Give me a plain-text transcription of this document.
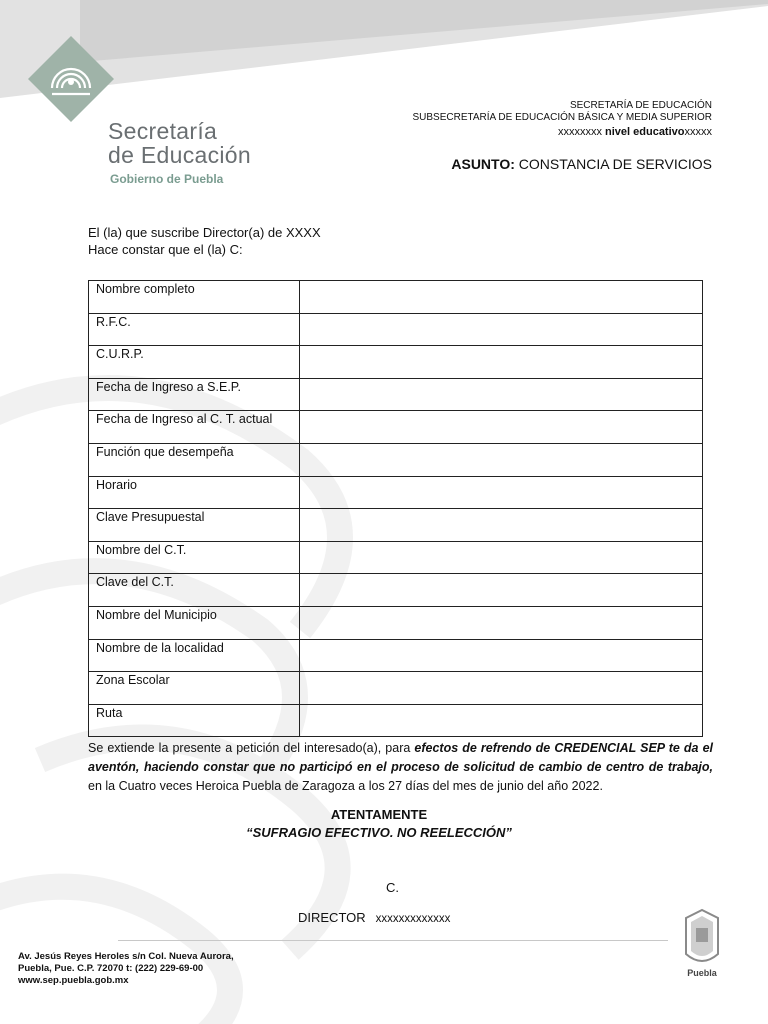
Secretaría
de Educación
Gobierno de Puebla
SECRETARÍA DE EDUCACIÓN
SUBSECRETARÍA DE EDUCACIÓN BÁSICA Y MEDIA SUPERIOR
xxxxxxxx nivel educativoxxxxx
ASUNTO: CONSTANCIA DE SERVICIOS
El (la) que suscribe Director(a) de XXXX
Hace constar que el (la) C:
Nombre completo	
R.F.C.	
C.U.R.P.	
Fecha de Ingreso a S.E.P.	
Fecha de Ingreso al C. T. actual	
Función que desempeña	
Horario	
Clave Presupuestal	
Nombre del C.T.	
Clave del C.T.	
Nombre del Municipio	
Nombre de la localidad	
Zona Escolar	
Ruta	
Se extiende la presente a petición del interesado(a), para efectos de refrendo de CREDENCIAL SEP te da el aventón, haciendo constar que no participó en el proceso de solicitud de cambio de centro de trabajo, en la Cuatro veces Heroica Puebla de Zaragoza a los 27 días del mes de junio del año 2022.
ATENTAMENTE
“SUFRAGIO EFECTIVO. NO REELECCIÓN”
C.
DIRECTOR xxxxxxxxxxxxx
Av. Jesús Reyes Heroles s/n Col. Nueva Aurora,
Puebla, Pue. C.P. 72070 t: (222) 229-69-00
www.sep.puebla.gob.mx
Puebla
